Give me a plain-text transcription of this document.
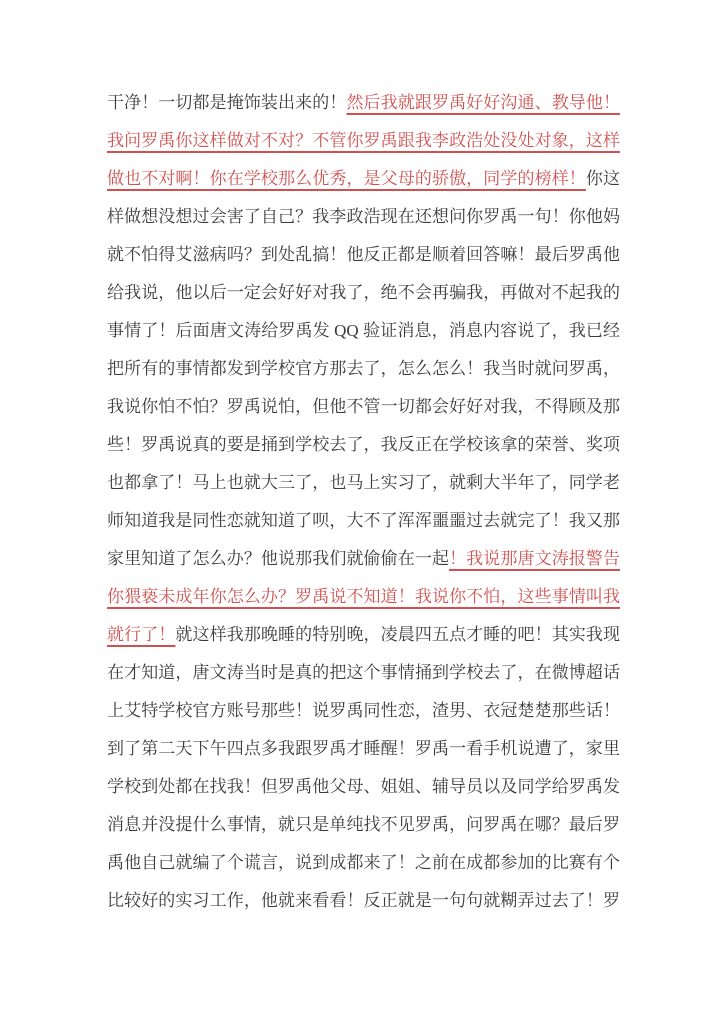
干净！一切都是掩饰装出来的！然后我就跟罗禹好好沟通、教导他！
我问罗禹你这样做对不对？不管你罗禹跟我李政浩处没处对象，这样
做也不对啊！你在学校那么优秀，是父母的骄傲，同学的榜样！你这
样做想没想过会害了自己？我李政浩现在还想问你罗禹一句！你他妈
就不怕得艾滋病吗？到处乱搞！他反正都是顺着回答嘛！最后罗禹他
给我说，他以后一定会好好对我了，绝不会再骗我，再做对不起我的
事情了！后面唐文涛给罗禹发 QQ 验证消息，消息内容说了，我已经
把所有的事情都发到学校官方那去了，怎么怎么！我当时就问罗禹，
我说你怕不怕？罗禹说怕，但他不管一切都会好好对我，不得顾及那
些！罗禹说真的要是捅到学校去了，我反正在学校该拿的荣誉、奖项
也都拿了！马上也就大三了，也马上实习了，就剩大半年了，同学老
师知道我是同性恋就知道了呗，大不了浑浑噩噩过去就完了！我又那
家里知道了怎么办？他说那我们就偷偷在一起！我说那唐文涛报警告
你猥亵未成年你怎么办？罗禹说不知道！我说你不怕，这些事情叫我
就行了！就这样我那晚睡的特别晚，凌晨四五点才睡的吧！其实我现
在才知道，唐文涛当时是真的把这个事情捅到学校去了，在微博超话
上艾特学校官方账号那些！说罗禹同性恋，渣男、衣冠楚楚那些话！
到了第二天下午四点多我跟罗禹才睡醒！罗禹一看手机说遭了，家里
学校到处都在找我！但罗禹他父母、姐姐、辅导员以及同学给罗禹发
消息并没提什么事情，就只是单纯找不见罗禹，问罗禹在哪？最后罗
禹他自己就编了个谎言，说到成都来了！之前在成都参加的比赛有个
比较好的实习工作，他就来看看！反正就是一句句就糊弄过去了！罗
